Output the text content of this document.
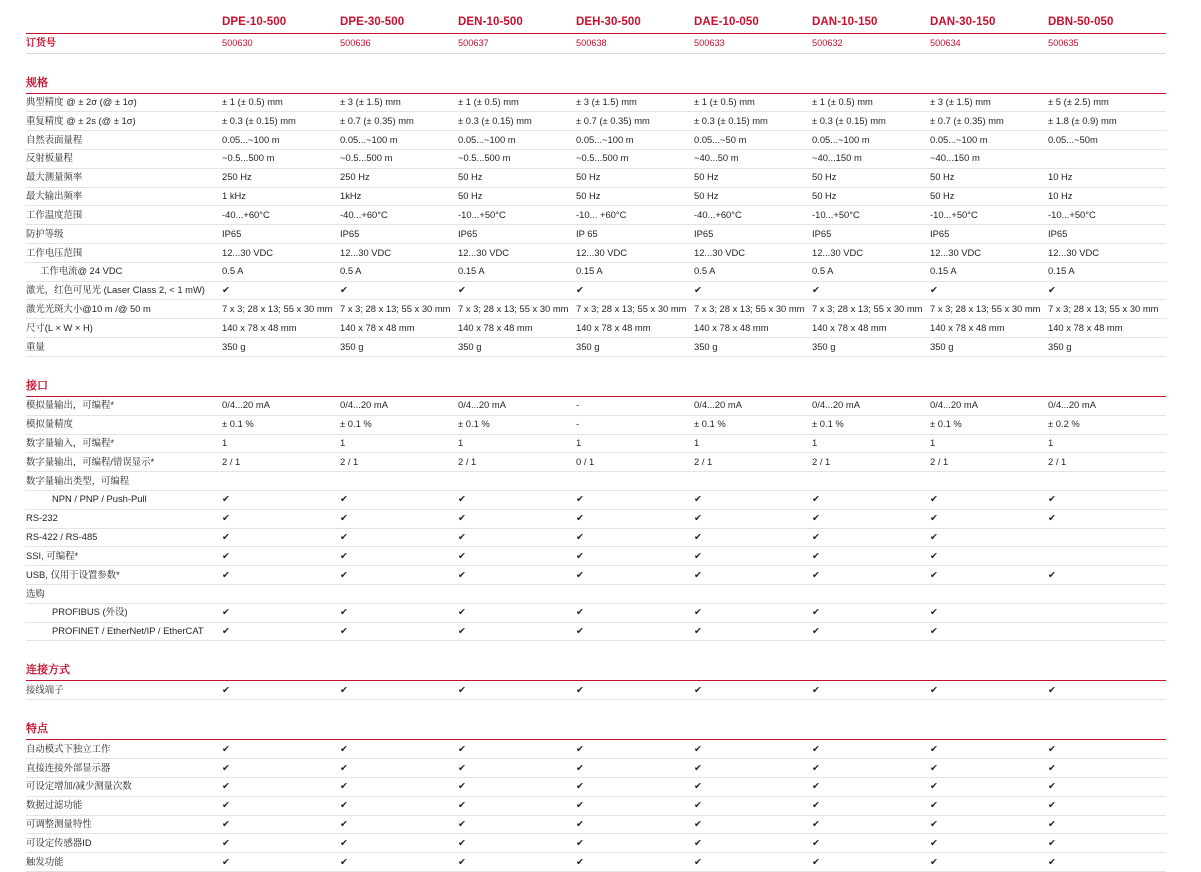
	DPE-10-500	DPE-30-500	DEN-10-500	DEH-30-500	DAE-10-050	DAN-10-150	DAN-30-150	DBN-50-050
订货号	500630	500636	500637	500638	500633	500632	500634	500635

规格								
典型精度 @ ± 2σ (@ ± 1σ)	± 1 (± 0.5) mm	± 3 (± 1.5) mm	± 1 (± 0.5) mm	± 3 (± 1.5) mm	± 1 (± 0.5) mm	± 1 (± 0.5) mm	± 3 (± 1.5) mm	± 5 (± 2.5) mm
重复精度 @ ± 2s (@ ± 1σ)	± 0.3 (± 0.15) mm	± 0.7 (± 0.35) mm	± 0.3 (± 0.15) mm	± 0.7 (± 0.35) mm	± 0.3 (± 0.15) mm	± 0.3 (± 0.15) mm	± 0.7 (± 0.35) mm	± 1.8 (± 0.9) mm
自然表面量程	0.05...~100 m	0.05...~100 m	0.05...~100 m	0.05...~100 m	0.05...~50 m	0.05...~100 m	0.05...~100 m	0.05...~50m
反射板量程	~0.5...500 m	~0.5...500 m	~0.5...500 m	~0.5...500 m	~40...50 m	~40...150 m	~40...150 m	
最大测量频率	250 Hz	250 Hz	50 Hz	50 Hz	50 Hz	50 Hz	50 Hz	10 Hz
最大输出频率	1 kHz	1kHz	50 Hz	50 Hz	50 Hz	50 Hz	50 Hz	10 Hz
工作温度范围	-40...+60°C	-40...+60°C	-10...+50°C	-10... +60°C	-40...+60°C	-10...+50°C	-10...+50°C	-10...+50°C
防护等级	IP65	IP65	IP65	IP 65	IP65	IP65	IP65	IP65
工作电压范围	12...30 VDC	12...30 VDC	12...30 VDC	12...30 VDC	12...30 VDC	12...30 VDC	12...30 VDC	12...30 VDC
工作电流@ 24 VDC	0.5 A	0.5 A	0.15 A	0.15 A	0.5 A	0.5 A	0.15 A	0.15 A
激光，红色可见光 (Laser Class 2, < 1 mW)	✔	✔	✔	✔	✔	✔	✔	✔
激光光斑大小@10 m /@ 50 m	7 x 3; 28 x 13; 55 x 30 mm	7 x 3; 28 x 13; 55 x 30 mm	7 x 3; 28 x 13; 55 x 30 mm	7 x 3; 28 x 13; 55 x 30 mm	7 x 3; 28 x 13; 55 x 30 mm	7 x 3; 28 x 13; 55 x 30 mm	7 x 3; 28 x 13; 55 x 30 mm	7 x 3; 28 x 13; 55 x 30 mm
尺寸(L × W × H)	140 x 78 x 48 mm	140 x 78 x 48 mm	140 x 78 x 48 mm	140 x 78 x 48 mm	140 x 78 x 48 mm	140 x 78 x 48 mm	140 x 78 x 48 mm	140 x 78 x 48 mm
重量	350 g	350 g	350 g	350 g	350 g	350 g	350 g	350 g

接口								
模拟量输出，可编程*	0/4...20 mA	0/4...20 mA	0/4...20 mA	-	0/4...20 mA	0/4...20 mA	0/4...20 mA	0/4...20 mA
模拟量精度	± 0.1 %	± 0.1 %	± 0.1 %	-	± 0.1 %	± 0.1 %	± 0.1 %	± 0.2 %
数字量输入，可编程*	1	1	1	1	1	1	1	1
数字量输出，可编程/错误显示*	2 / 1	2 / 1	2 / 1	0 / 1	2 / 1	2 / 1	2 / 1	2 / 1
数字量输出类型，可编程								
NPN / PNP / Push-Pull	✔	✔	✔	✔	✔	✔	✔	✔
RS-232	✔	✔	✔	✔	✔	✔	✔	✔
RS-422 / RS-485	✔	✔	✔	✔	✔	✔	✔	
SSI, 可编程*	✔	✔	✔	✔	✔	✔	✔	
USB, 仅用于设置参数*	✔	✔	✔	✔	✔	✔	✔	✔
选购								
PROFIBUS (外设)	✔	✔	✔	✔	✔	✔	✔	
PROFINET / EtherNet/IP / EtherCAT	✔	✔	✔	✔	✔	✔	✔	

连接方式								
接线端子	✔	✔	✔	✔	✔	✔	✔	✔

特点								
自动模式下独立工作	✔	✔	✔	✔	✔	✔	✔	✔
直接连接外部显示器	✔	✔	✔	✔	✔	✔	✔	✔
可设定增加/减少测量次数	✔	✔	✔	✔	✔	✔	✔	✔
数据过滤功能	✔	✔	✔	✔	✔	✔	✔	✔
可调整测量特性	✔	✔	✔	✔	✔	✔	✔	✔
可设定传感器ID	✔	✔	✔	✔	✔	✔	✔	✔
触发功能	✔	✔	✔	✔	✔	✔	✔	✔
